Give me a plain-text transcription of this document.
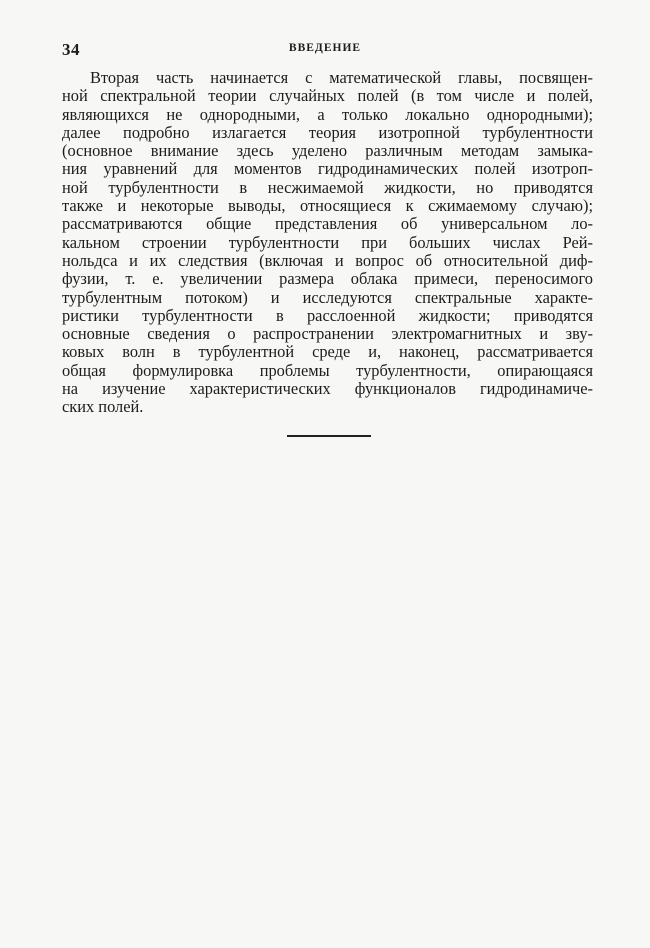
34	ВВЕДЕНИЕ
Вторая часть начинается с математической главы, посвящен-
ной спектральной теории случайных полей (в том числе и полей,
являющихся не однородными, а только локально однородными);
далее подробно излагается теория изотропной турбулентности
(основное внимание здесь уделено различным методам замыка-
ния уравнений для моментов гидродинамических полей изотроп-
ной турбулентности в несжимаемой жидкости, но приводятся
также и некоторые выводы, относящиеся к сжимаемому случаю);
рассматриваются общие представления об универсальном ло-
кальном строении турбулентности при больших числах Рей-
нольдса и их следствия (включая и вопрос об относительной диф-
фузии, т. е. увеличении размера облака примеси, переносимого
турбулентным потоком) и исследуются спектральные характе-
ристики турбулентности в расслоенной жидкости; приводятся
основные сведения о распространении электромагнитных и зву-
ковых волн в турбулентной среде и, наконец, рассматривается
общая формулировка проблемы турбулентности, опирающаяся
на изучение характеристических функционалов гидродинамиче-
ских полей.
